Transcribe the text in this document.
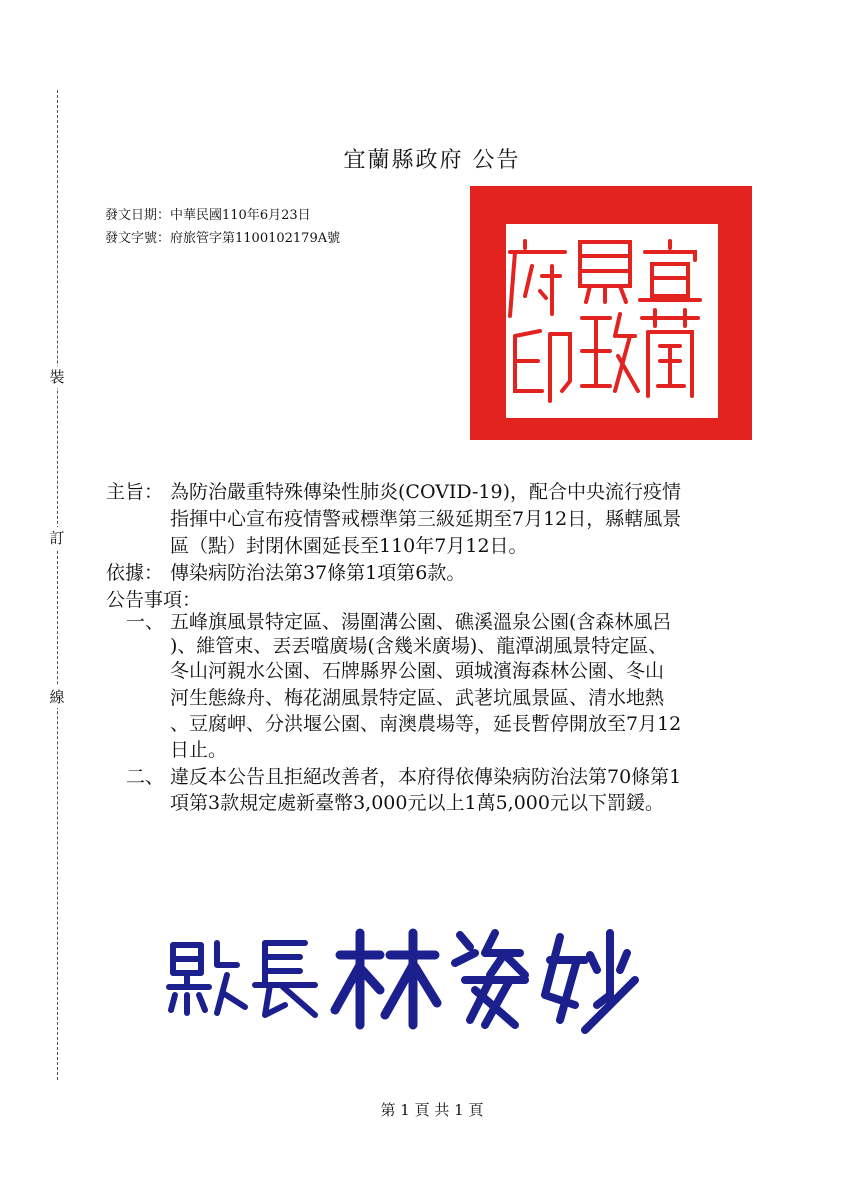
裝
訂
線
宜蘭縣政府 公告
發文日期：中華民國110年6月23日
發文字號：府旅管字第1100102179A號
主旨： 為防治嚴重特殊傳染性肺炎(COVID-19)，配合中央流行疫情
指揮中心宣布疫情警戒標準第三級延期至7月12日，縣轄風景
區（點）封閉休園延長至110年7月12日。
依據： 傳染病防治法第37條第1項第6款。
公告事項：
一、 五峰旗風景特定區、湯圍溝公園、礁溪溫泉公園(含森林風呂
)、維管束、丟丟噹廣場(含幾米廣場)、龍潭湖風景特定區、
冬山河親水公園、石牌縣界公園、頭城濱海森林公園、冬山
河生態綠舟、梅花湖風景特定區、武荖坑風景區、清水地熱
、豆腐岬、分洪堰公園、南澳農場等，延長暫停開放至7月12
日止。
二、 違反本公告且拒絕改善者，本府得依傳染病防治法第70條第1
項第3款規定處新臺幣3,000元以上1萬5,000元以下罰鍰。
第 1 頁 共 1 頁
